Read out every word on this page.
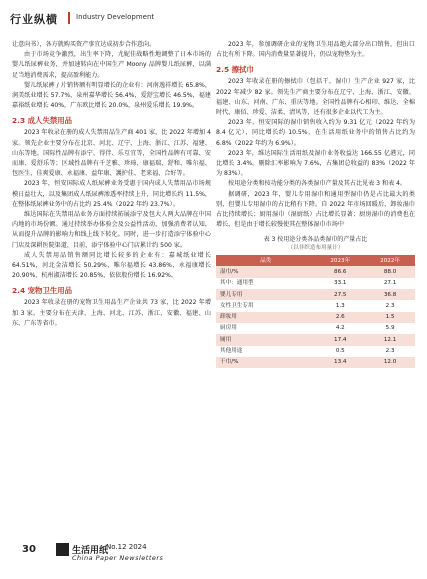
行业纵横	Industry Development

让意向书），各方就购买资产事宜达成初步合作意向。

由于市场竞争激烈，出生率下降，尤妮佳战略性地调整了日本市场的婴儿纸尿裤业务，并加速转向在中国生产 Moony 品牌婴儿纸尿裤，以满足当地消费需求，提高盈利能力。

婴儿纸尿裤 / 片销售额有明显增长的企业有：河南逸祥增长 65.8%，润美纸业增长 57.7%，泉州嘉华增长 56.4%，爱舒宝增长 46.5%，福建嘉裕纸业增长 40%，广东欧比增长 20.0%，泉州爱乐增长 19.9%。

2.3 成人失禁用品

2023 年收录在册的成人失禁用品生产商 401 家，比 2022 年增加 4 家。领先企业主要分布在北京、河北、辽宁、上海、浙江、江苏、福建、山东等地。国际性品牌有添宁、得伴、乐互宜等，全国性品牌有可靠、安而康、爱舒乐等；区域性品牌有千芝雅、珍琦、康福瑞、舒和、唯尔福、包医生、佳爽爱康、永福康、益年康、護护佳、老来福、合好等。

2023 年，恒安国际成人纸尿裤业务受惠于国内成人失禁用品市场规模日益壮大，以及集团成人纸尿裤渗透率持续上升，同比增长约 11.5%，在整体纸尿裤业务中的占比约 25.4%（2022 年约 23.7%）。

维达国际在失禁用品业务方面持续拓展添宁及包大人两大品牌在中国内地的市场份额。通过持续举办体验会及公益性活动，加强消费者认知，从而提升品牌的影响力和线上线下转化。同时，进一步打造添宁体验中心门店及深耕医院渠道，目前，添宁体验中心门店累计约 500 家。

成人失禁用品销售额同比增长较多的企业有：嘉城纸业增长 64.51%，河北金洁增长 50.29%，唯尔福增长 43.86%，永福康增长 20.90%，杭州淑洁增长 20.85%，依依股份增长 16.92%。

2.4 宠物卫生用品

2023 年收录在册的宠物卫生用品生产企业共 73 家，比 2022 年增加 3 家。主要分布在天津、上海、河北、江苏、浙江、安徽、福建、山东、广东等省市。

2023 年，参加调研企业的宠物卫生用品绝大部分出口销售，但出口占比有所下降。国内消费量显著提升，仍以宠物垫为主。

2.5 擦拭巾

2023 年收录在册的擦拭巾（包括干、湿巾）生产企业 927 家，比 2022 年减少 82 家。领先生产商主要分布在辽宁、上海、浙江、安徽、福建、山东、河南、广东、重庆等地。全国性品牌有心相印、维达、全棉时代、康佰、珍爱、洁柔、清风等，还有很多企业以代工为主。

2023 年，恒安国际的湿巾销售收入约为 9.31 亿元（2022 年约为 8.4 亿元），同比增长约 10.5%，在生活用纸业务中的销售占比约为 6.8%（2022 年约为 6.9%）。

2023 年，维达国际生活用纸及湿巾业务收益达 166.55 亿港元，同比增长 3.4%。剔除汇率影响为 7.6%，占集团总收益的 83%（2022 年为 83%）。

按用途分类和按功能分类的各类湿巾产量及其占比见表 3 和表 4。

据调研，2023 年，婴儿专用湿巾和通用型湿巾仍是占比最大的类别，但婴儿专用湿巾的占比稍有下降。自 2022 年市场回暖后，卸妆湿巾占比持续增长；厨用湿巾（湿厨纸）占比增长显著；厨房湿巾的消费也在增长，但是由于增长较慢使其在整体湿巾市场中

表 3 按用途分类各品类湿巾的产量占比
（以非织造布用量计）
品类	2023年	2022年
湿巾/%	86.6	88.0
其中：通用型	33.1	27.1
婴儿专用	27.5	36.8
女性卫生专用	1.3	2.3
卸妆用	2.6	1.5
厨房用	4.2	5.9
厕用	17.4	12.1
其他用途	0.5	2.3
干巾/%	13.4	12.0
30	生活用纸
No.12 2024
China Paper Newsletters
